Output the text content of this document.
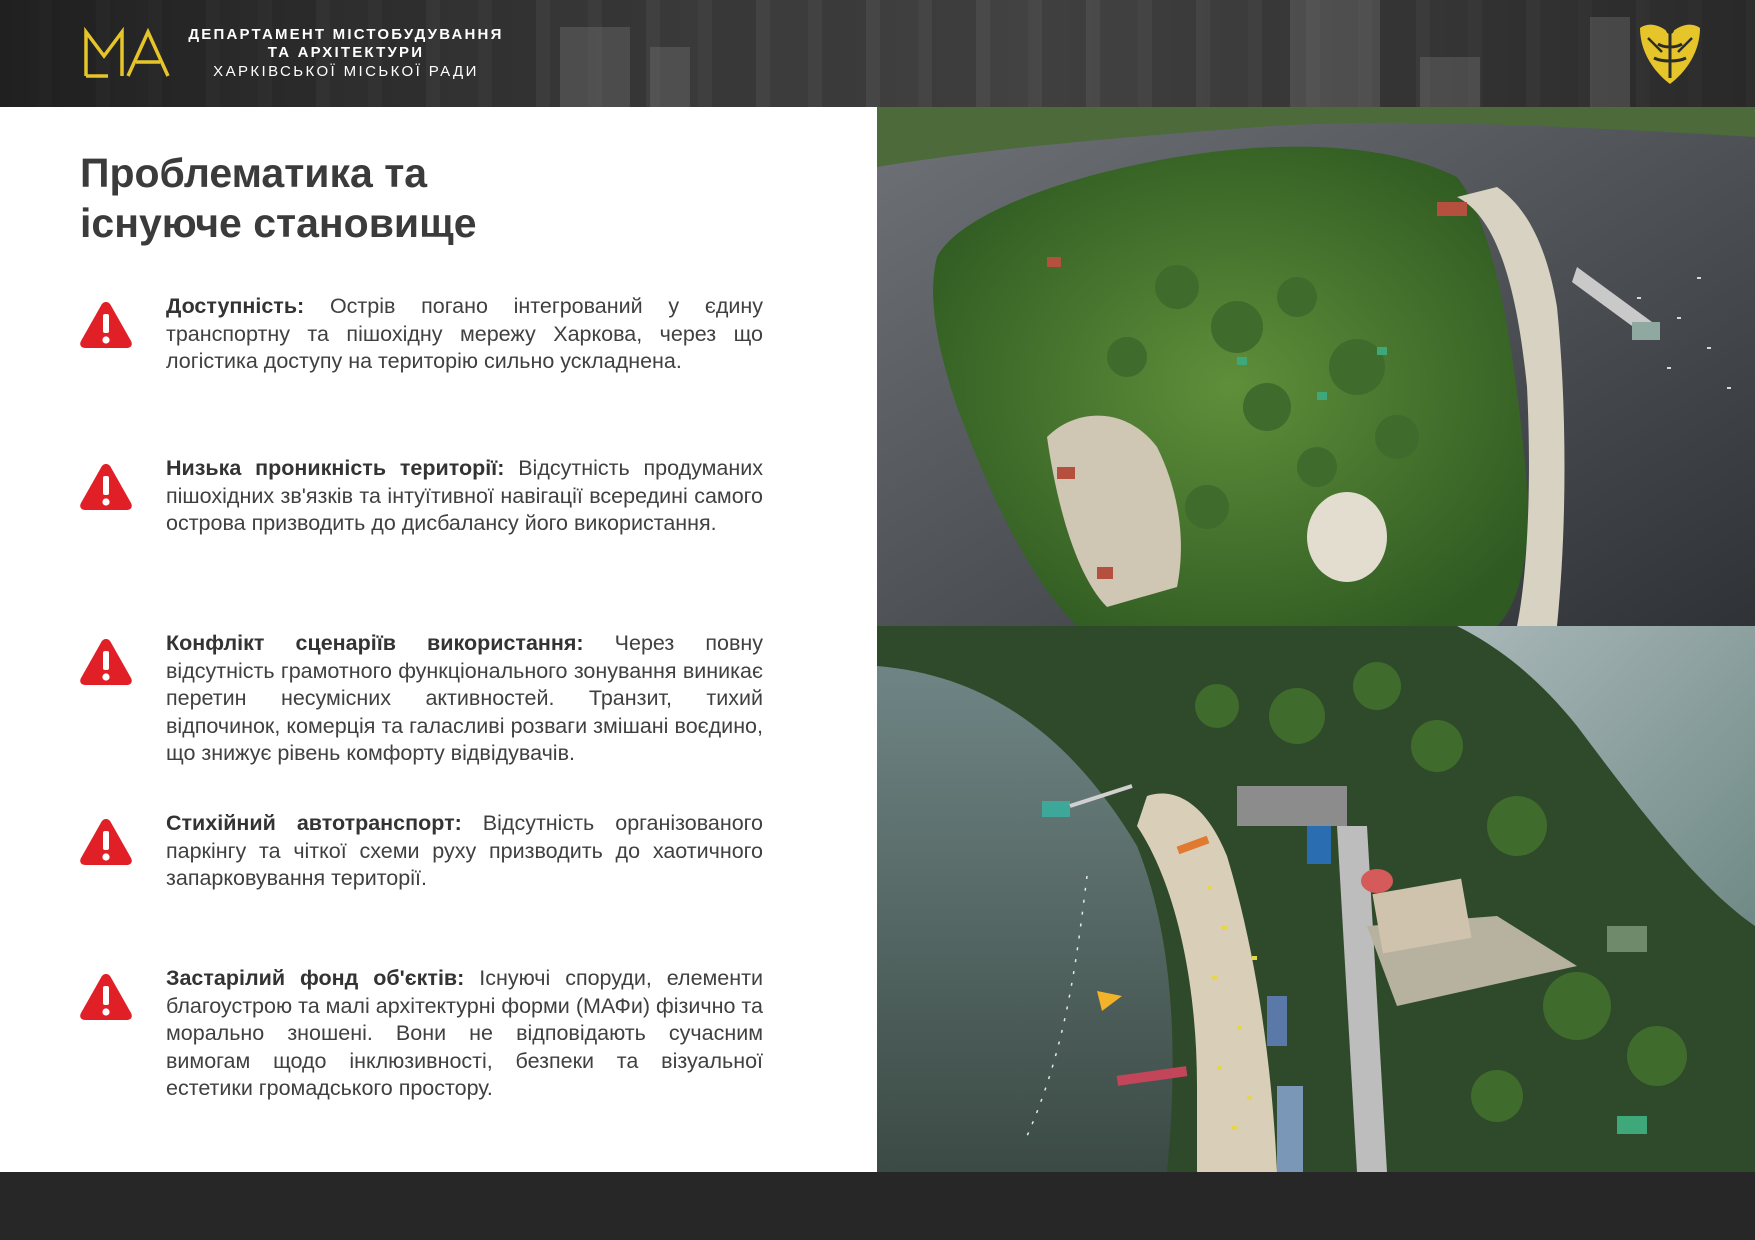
ДЕПАРТАМЕНТ МІСТОБУДУВАННЯ
ТА АРХІТЕКТУРИ
ХАРКІВСЬКОЇ МІСЬКОЇ РАДИ
Проблематика та
існуюче становище
Доступність: Острів погано інтегрований у єдину транспортну та пішохідну мережу Харкова, через що логістика доступу на територію сильно ускладнена.
Низька проникність території: Відсутність продуманих пішохідних зв'язків та інтуїтивної навігації всередині самого острова призводить до дисбалансу його використання.
Конфлікт сценаріїв використання: Через повну відсутність грамотного функціонального зонування виникає перетин несумісних активностей. Транзит, тихий відпочинок, комерція та галасливі розваги змішані воєдино, що знижує рівень комфорту відвідувачів.
Стихійний автотранспорт: Відсутність організованого паркінгу та чіткої схеми руху призводить до хаотичного запарковування території.
Застарілий фонд об'єктів: Існуючі споруди, елементи благоустрою та малі архітектурні форми (МАФи) фізично та морально зношені. Вони не відповідають сучасним вимогам щодо інклюзивності, безпеки та візуальної естетики громадського простору.
